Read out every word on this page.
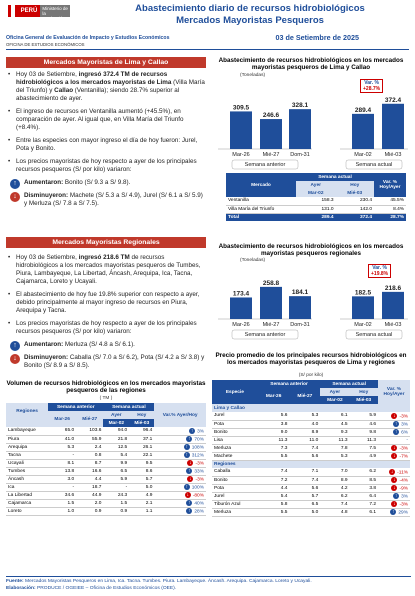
PERÚ	Ministerio de la Producción
Abastecimiento diario de recursos hidrobiológicos
Mercados Mayoristas Pesqueros
Oficina General de Evaluación de Impacto y Estudios Económicos
OFICINA DE ESTUDIOS ECONÓMICOS
03 de Setiembre de 2025
Mercados Mayoristas de Lima y Callao
• Hoy 03 de Setiembre, ingresó 372.4 TM de recursos hidrobiológicos a los mercados mayoristas de Lima (Villa María del Triunfo) y Callao (Ventanilla); siendo 28.7% superior al abastecimiento de ayer.
• El ingreso de recursos en Ventanilla aumentó (+45.5%), en comparación de ayer. Al igual que, en Villa María del Triunfo (+8.4%).
• Entre las especies con mayor ingreso el día de hoy fueron: Jurel, Pota y Bonito.
• Los precios mayoristas de hoy respecto a ayer de los principales recursos pesqueros (S/ por kilo) variaron:
↑	Aumentaron: Bonito (S/ 9.3 a S/ 9.8).
↓	Disminuyeron: Machete (S/ 5.3 a S/ 4.9), Jurel (S/ 6.1 a S/ 5.9) y Merluza (S/ 7.8 a S/ 7.5).
Mercados Mayoristas Regionales
• Hoy 03 de Setiembre, ingresó 218.6 TM de recursos hidrobiológicos a los mercados mayoristas pesqueros de Tumbes, Piura, Lambayeque, La Libertad, Áncash, Arequipa, Ica, Tacna, Cajamarca, Loreto y Ucayali.
• El abastecimiento de hoy fue 19.8% superior con respecto a ayer, debido principalmente al mayor ingreso de recursos en Piura, Arequipa y Tacna.
• Los precios mayoristas de hoy respecto a ayer de los principales recursos pesqueros (S/ por kilo) variaron:
↑	Aumentaron: Merluza (S/ 4.8 a S/ 6.1).
↓	Disminuyeron: Caballa (S/ 7.0 a S/ 6.2), Pota (S/ 4.2 a S/ 3.8) y Bonito (S/ 8.9 a S/ 8.5).
Volumen de recursos hidrobiológicos en los mercados mayoristas pesqueros de las regiones
( TM )
Regiones	Semana anterior		Semana actual		Var.% Ayer/Hoy
	Mar-26	Mié-27	Ayer	Hoy	
			Mar-02	Mié-03	
Lambayeque	65.0	103.6	94.0	96.4	↑ 3%
Piura	41.0	55.9	21.8	37.1	↑ 70%
Arequipa	5.3	2.4	12.5	26.1	↑ 108%
Tacna	-	0.8	5.4	22.1	↑ 312%
Ucayali	8.1	8.7	9.9	9.5	↓ -3%
Tumbes	13.8	16.6	6.5	8.6	↑ 33%
Áncash	3.0	4.4	5.9	5.7	↓ -3%
Ica	-	18.7	-	5.0	↑ 100%
La Libertad	34.6	44.9	24.3	4.9	↓ -80%
Cajamarca	1.5	2.0	1.5	2.1	↑ 40%
Loreto	1.0	0.9	0.9	1.1	↑ 28%
Abastecimiento de recursos hidrobiológicos en los mercados mayoristas pesqueros de Lima y Callao
(Toneladas)
Var. %
+28.7%
309.5
Mar-26
246.6
Mié-27
328.1
Dom-31
289.4
Mar-02
372.4
Mié-03
Semana anterior	Semana actual
Mercado	Semana actual		Var. % Hoy/Ayer
	Ayer	Hoy	
	Mar-02	Mié-03	
Ventanilla	158.3	230.4	45.5%
Villa María del Triunfo	131.0	142.0	8.4%
Total	289.4	372.4	28.7%
Abastecimiento de recursos hidrobiológicos en los mercados mayoristas pesqueros regionales
(Toneladas)
Var. %
+19.8%
173.4
Mar-26
258.8
Mié-27
184.1
Dom-31
182.5
Mar-02
218.6
Mié-03
Semana anterior	Semana actual
Precio promedio de los principales recursos hidrobiológicos en los mercados mayoristas pesqueros de Lima y regiones
(S/ por kilo)
Especie	Semana anterior		Semana actual		Var. % Hoy/Ayer
	Mar-26	Mié-27	Ayer	Hoy	
			Mar-02	Mié-03	
Lima y Callao					
Jurel	5.6	5.3	6.1	5.9	↓ -3%
Pota	3.8	4.0	4.5	4.6	↑ 3%
Bonito	9.0	8.9	9.3	9.8	↑ 6%
Lisa	11.3	11.0	11.3	11.3	-
Merluza	7.3	7.4	7.8	7.5	↓ -3%
Machete	5.5	5.6	5.3	4.9	↓ -7%
Regiones					
Caballa	7.4	7.1	7.0	6.2	↓ -11%
Bonito	7.2	7.4	8.9	8.5	↓ -4%
Pota	4.4	5.6	4.2	3.8	↓ -9%
Jurel	5.4	5.7	6.2	6.4	↑ 3%
Tiburón Azul	5.8	6.5	7.4	7.2	↓ -3%
Merluza	5.5	5.0	4.8	6.1	↑ 29%
Fuente: Mercados Mayoristas Pesqueros en Lima, Ica. Tacna. Tumbes. Piura. Lambayeque. Áncash. Arequipa. Cajamarca. Loreto y Ucayali.
Elaboración: PRODUCE / OGEIEE – Oficina de Estudios Económicos (OEE).
